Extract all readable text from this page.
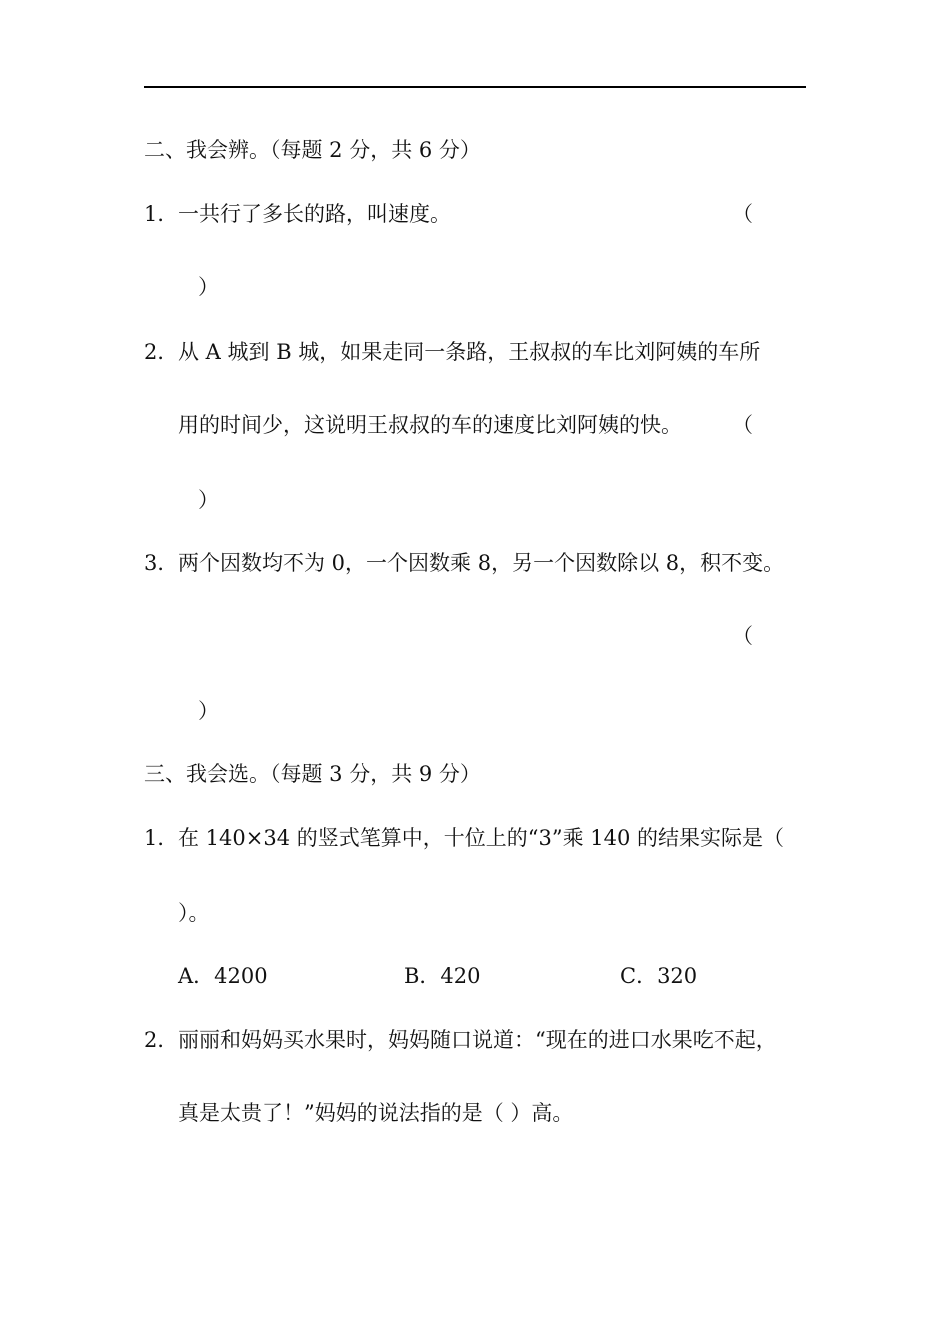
二、我会辨。（每题 2 分，共 6 分）
1． 一共行了多长的路，叫速度。	（
）
2． 从 A 城到 B 城，如果走同一条路，王叔叔的车比刘阿姨的车所
用的时间少，这说明王叔叔的车的速度比刘阿姨的快。 （
）
3． 两个因数均不为 0，一个因数乘 8，另一个因数除以 8，积不变。
（
）
三、我会选。（每题 3 分，共 9 分）
1． 在 140×34 的竖式笔算中，十位上的“3”乘 140 的结果实际是（
）。
A．4200	B．420	C．320
2． 丽丽和妈妈买水果时，妈妈随口说道：“现在的进口水果吃不起，
真是太贵了！”妈妈的说法指的是（ ）高。
